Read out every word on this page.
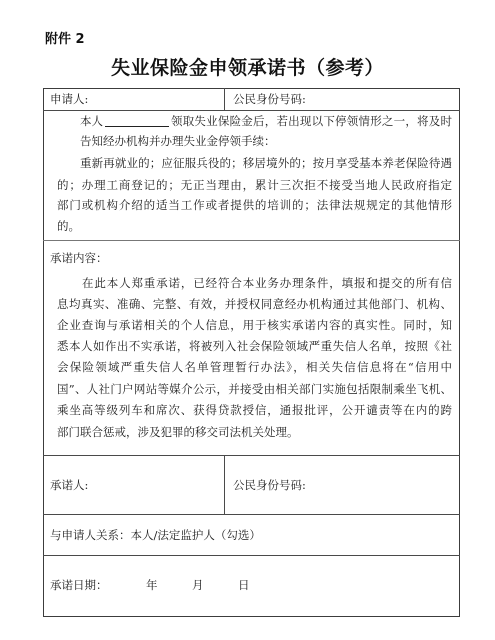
附件 2
失业保险金申领承诺书（参考）
申请人:	公民身份号码:
本人	领取失业保险金后，若出现以下停领情形之一，将及时
告知经办机构并办理失业金停领手续：
重新再就业的；应征服兵役的；移居境外的；按月享受基本养老保险待遇
的；办理工商登记的；无正当理由，累计三次拒不接受当地人民政府指定
部门或机构介绍的适当工作或者提供的培训的；法律法规规定的其他情形
的。
承诺内容：
在此本人郑重承诺，已经符合本业务办理条件，填报和提交的所有信
息均真实、准确、完整、有效，并授权同意经办机构通过其他部门、机构、
企业查询与承诺相关的个人信息，用于核实承诺内容的真实性。同时，知
悉本人如作出不实承诺，将被列入社会保险领域严重失信人名单，按照《社
会保险领域严重失信人名单管理暂行办法》，相关失信信息将在“信用中
国”、人社门户网站等媒介公示，并接受由相关部门实施包括限制乘坐飞机、
乘坐高等级列车和席次、获得贷款授信，通报批评，公开谴责等在内的跨
部门联合惩戒，涉及犯罪的移交司法机关处理。
承诺人:	公民身份号码:
与申请人关系：本人/法定监护人（勾选）
承诺日期：	年	月	日
